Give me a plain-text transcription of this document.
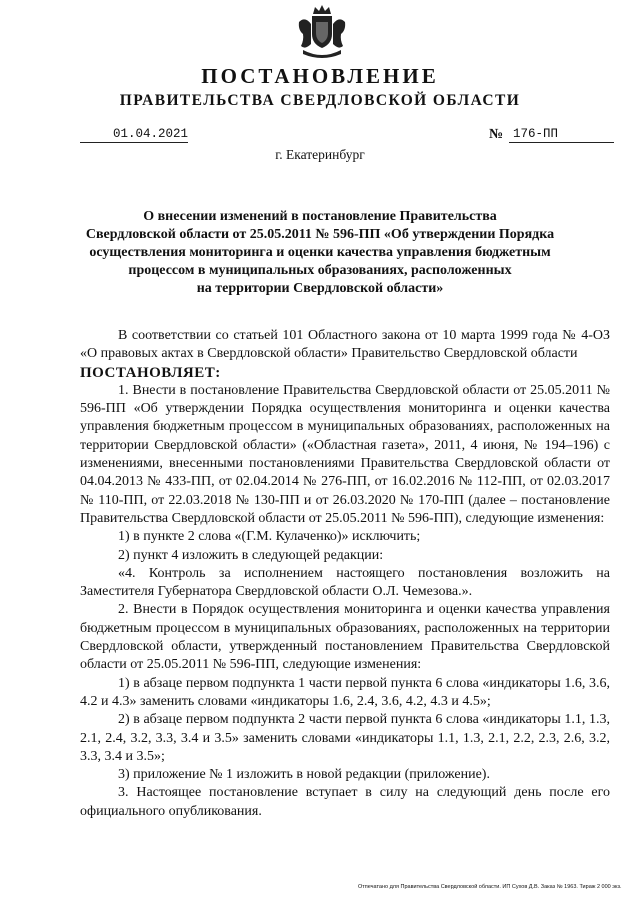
ПОСТАНОВЛЕНИЕ
ПРАВИТЕЛЬСТВА СВЕРДЛОВСКОЙ ОБЛАСТИ
01.04.2021	№ 176-ПП
г. Екатеринбург
О внесении изменений в постановление Правительства
Свердловской области от 25.05.2011 № 596-ПП «Об утверждении Порядка
осуществления мониторинга и оценки качества управления бюджетным
процессом в муниципальных образованиях, расположенных
на территории Свердловской области»

В соответствии со статьей 101 Областного закона от 10 марта 1999 года № 4-ОЗ «О правовых актах в Свердловской области» Правительство Свердловской области

ПОСТАНОВЛЯЕТ:

1. Внести в постановление Правительства Свердловской области от 25.05.2011 № 596-ПП «Об утверждении Порядка осуществления мониторинга и оценки качества управления бюджетным процессом в муниципальных образованиях, расположенных на территории Свердловской области» («Областная газета», 2011, 4 июня, № 194–196) с изменениями, внесенными постановлениями Правительства Свердловской области от 04.04.2013 № 433-ПП, от 02.04.2014 № 276-ПП, от 16.02.2016 № 112-ПП, от 02.03.2017 № 110-ПП, от 22.03.2018 № 130-ПП и от 26.03.2020 № 170-ПП (далее – постановление Правительства Свердловской области от 25.05.2011 № 596-ПП), следующие изменения:

1) в пункте 2 слова «(Г.М. Кулаченко)» исключить;

2) пункт 4 изложить в следующей редакции:

«4. Контроль за исполнением настоящего постановления возложить на Заместителя Губернатора Свердловской области О.Л. Чемезова.».

2. Внести в Порядок осуществления мониторинга и оценки качества управления бюджетным процессом в муниципальных образованиях, расположенных на территории Свердловской области, утвержденный постановлением Правительства Свердловской области от 25.05.2011 № 596-ПП, следующие изменения:

1) в абзаце первом подпункта 1 части первой пункта 6 слова «индикаторы 1.6, 3.6, 4.2 и 4.3» заменить словами «индикаторы 1.6, 2.4, 3.6, 4.2, 4.3 и 4.5»;

2) в абзаце первом подпункта 2 части первой пункта 6 слова «индикаторы 1.1, 1.3, 2.1, 2.4, 3.2, 3.3, 3.4 и 3.5» заменить словами «индикаторы 1.1, 1.3, 2.1, 2.2, 2.3, 2.6, 3.2, 3.3, 3.4 и 3.5»;

3) приложение № 1 изложить в новой редакции (приложение).

3. Настоящее постановление вступает в силу на следующий день после его официального опубликования.

Отпечатано для Правительства Свердловской области. ИП Сухов Д.В. Заказ № 1963. Тираж 2 000 экз.
